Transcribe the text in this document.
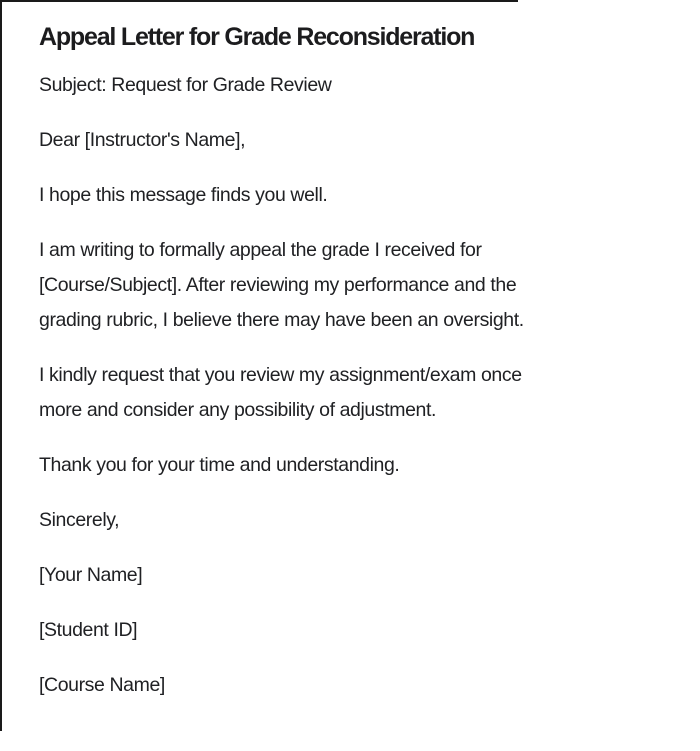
Appeal Letter for Grade Reconsideration

Subject: Request for Grade Review

Dear [Instructor's Name],

I hope this message finds you well.

I am writing to formally appeal the grade I received for
[Course/Subject]. After reviewing my performance and the
grading rubric, I believe there may have been an oversight.

I kindly request that you review my assignment/exam once
more and consider any possibility of adjustment.

Thank you for your time and understanding.

Sincerely,

[Your Name]

[Student ID]

[Course Name]
